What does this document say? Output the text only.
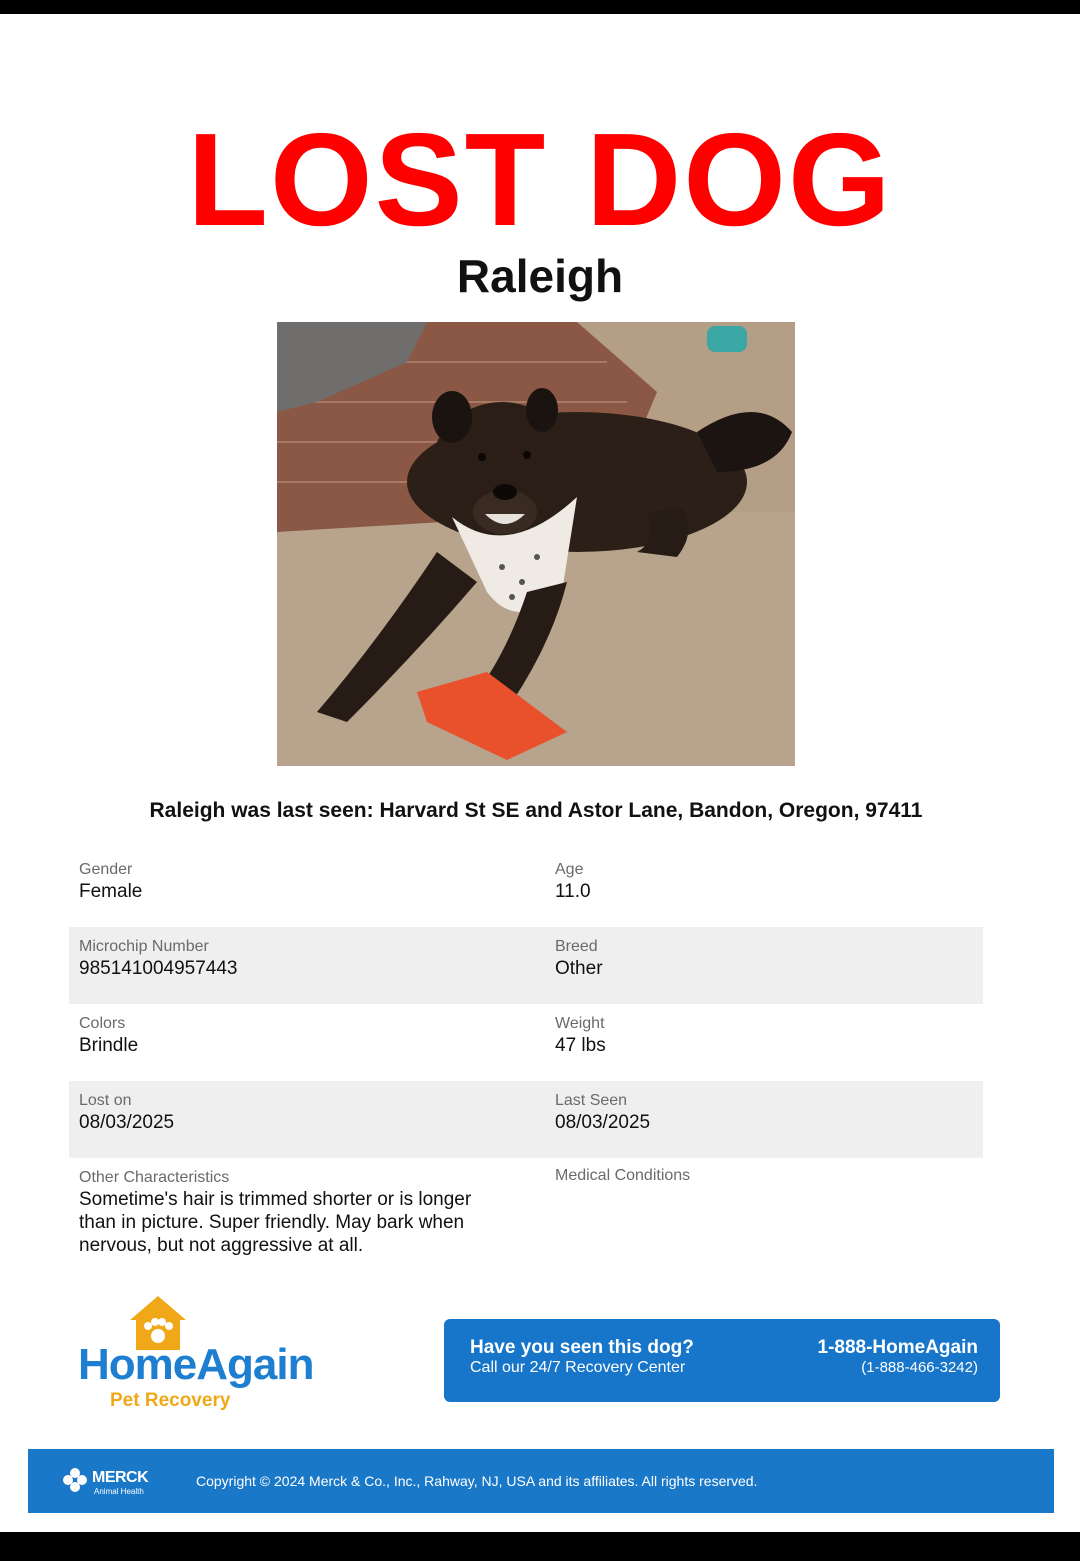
LOST DOG
Raleigh
Raleigh was last seen: Harvard St SE and Astor Lane, Bandon, Oregon, 97411
Gender
Female
Age
11.0
Microchip Number
985141004957443
Breed
Other
Colors
Brindle
Weight
47 lbs
Lost on
08/03/2025
Last Seen
08/03/2025
Other Characteristics
Sometime's hair is trimmed shorter or is longer than in picture. Super friendly. May bark when nervous, but not aggressive at all.
Medical Conditions
HomeAgain
Pet Recovery
Have you seen this dog?
Call our 24/7 Recovery Center
1-888-HomeAgain
(1-888-466-3242)
MERCK
Animal Health
Copyright © 2024 Merck & Co., Inc., Rahway, NJ, USA and its affiliates. All rights reserved.
